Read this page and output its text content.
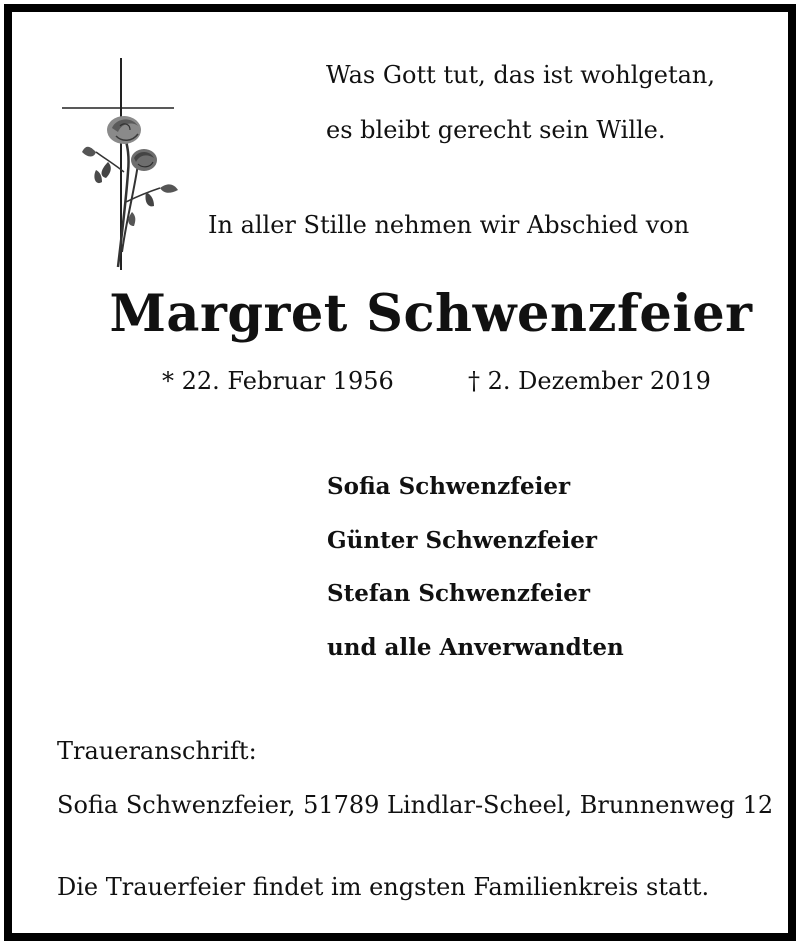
Was Gott tut, das ist wohlgetan,
es bleibt gerecht sein Wille.
In aller Stille nehmen wir Abschied von
Margret Schwenzfeier
* 22. Februar 1956	† 2. Dezember 2019
Sofia Schwenzfeier
Günter Schwenzfeier
Stefan Schwenzfeier
und alle Anverwandten
Traueranschrift:
Sofia Schwenzfeier, 51789 Lindlar-Scheel, Brunnenweg 12
Die Trauerfeier findet im engsten Familienkreis statt.
